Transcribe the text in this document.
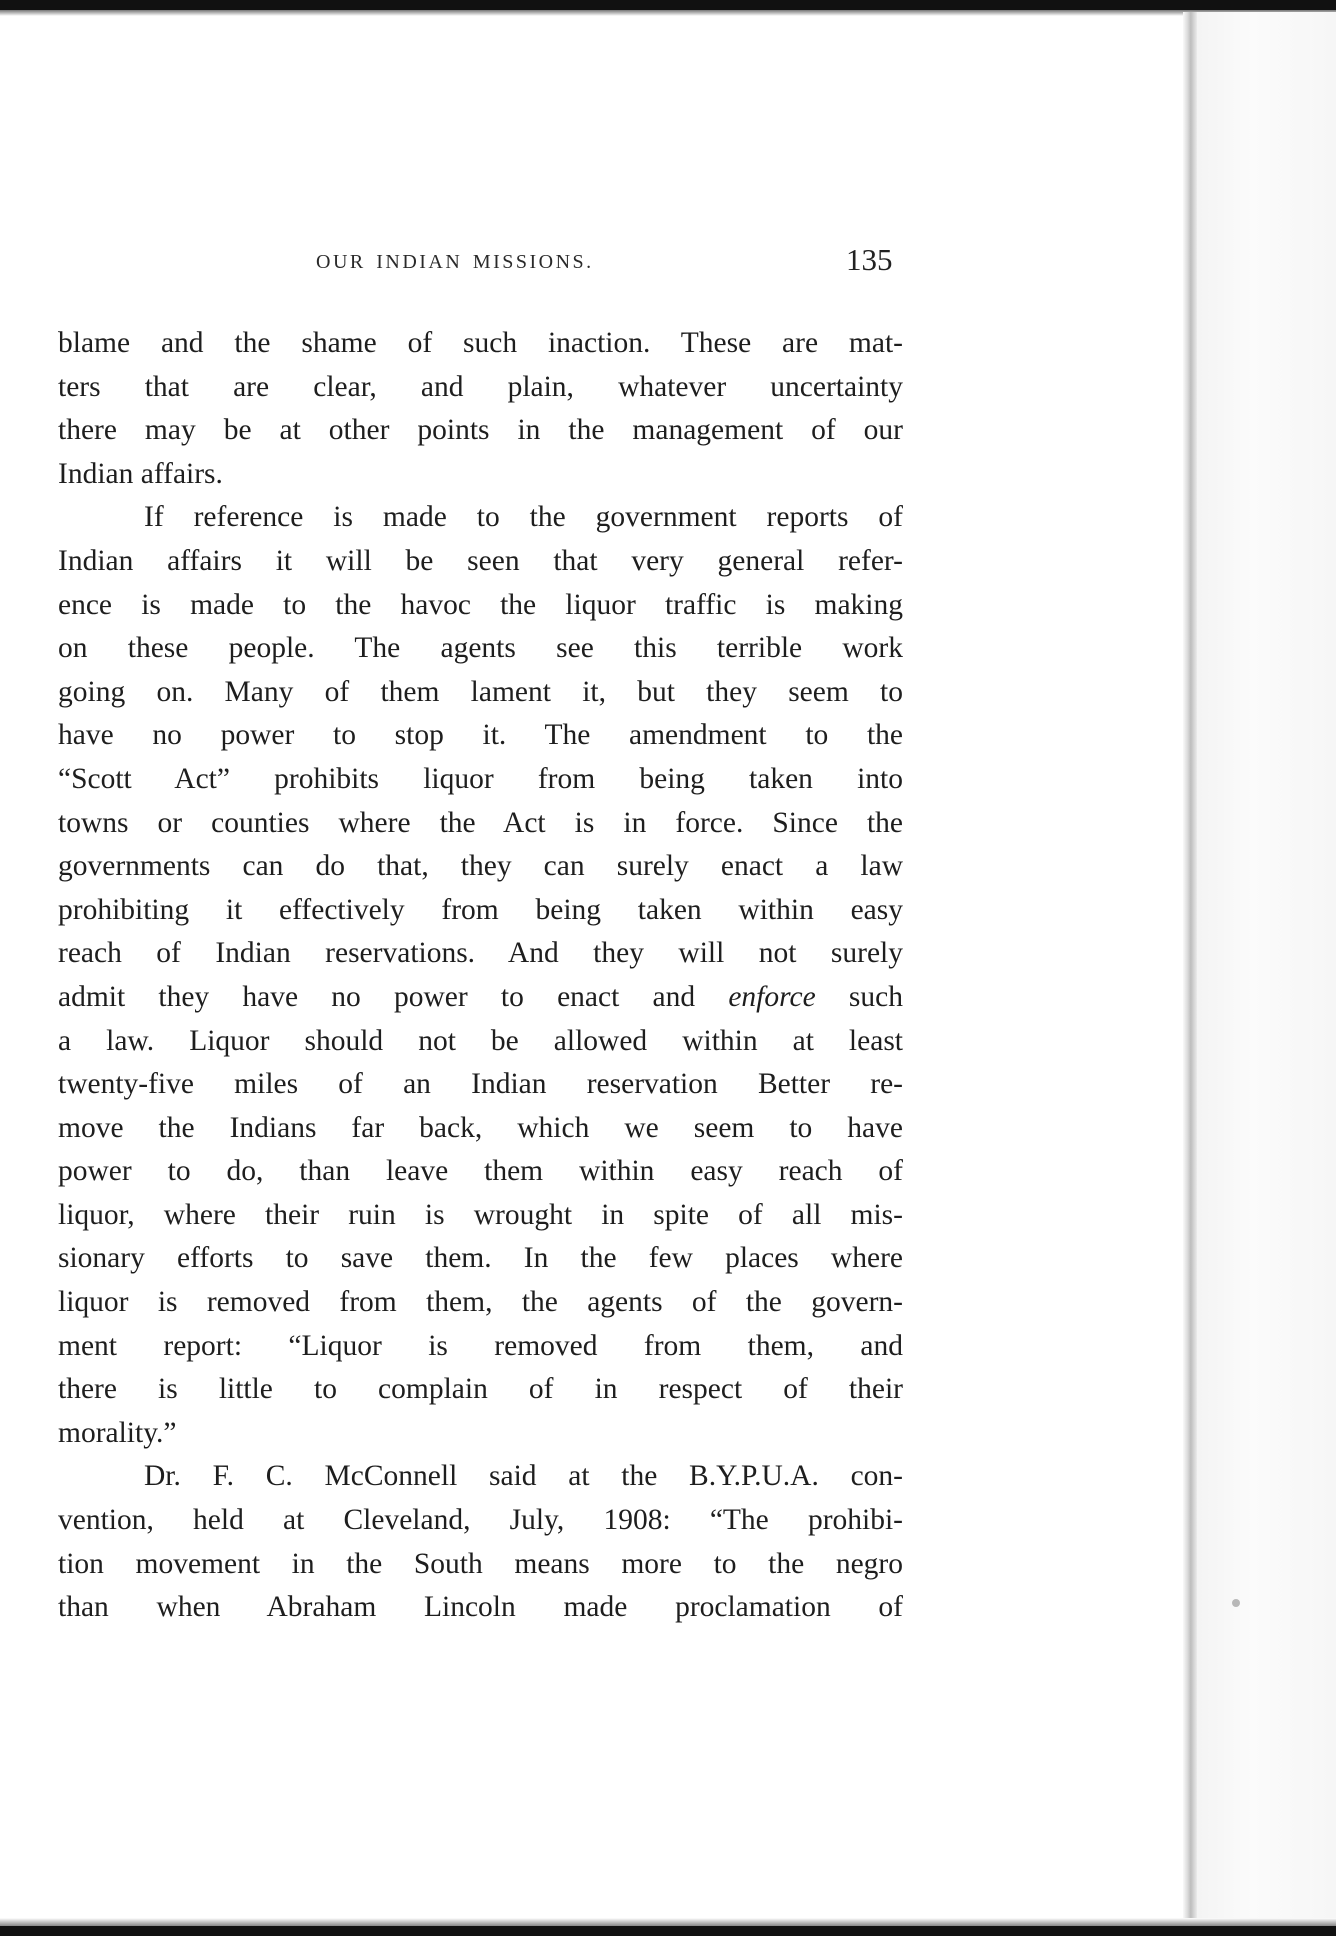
OUR INDIAN MISSIONS.	135
blame and the shame of such inaction. These are mat-
ters that are clear, and plain, whatever uncertainty
there may be at other points in the management of our
Indian affairs.
If reference is made to the government reports of
Indian affairs it will be seen that very general refer-
ence is made to the havoc the liquor traffic is making
on these people. The agents see this terrible work
going on. Many of them lament it, but they seem to
have no power to stop it. The amendment to the
“Scott Act” prohibits liquor from being taken into
towns or counties where the Act is in force. Since the
governments can do that, they can surely enact a law
prohibiting it effectively from being taken within easy
reach of Indian reservations. And they will not surely
admit they have no power to enact and enforce such
a law. Liquor should not be allowed within at least
twenty-five miles of an Indian reservation Better re-
move the Indians far back, which we seem to have
power to do, than leave them within easy reach of
liquor, where their ruin is wrought in spite of all mis-
sionary efforts to save them. In the few places where
liquor is removed from them, the agents of the govern-
ment report: “Liquor is removed from them, and
there is little to complain of in respect of their
morality.”
Dr. F. C. McConnell said at the B.Y.P.U.A. con-
vention, held at Cleveland, July, 1908: “The prohibi-
tion movement in the South means more to the negro
than when Abraham Lincoln made proclamation of
